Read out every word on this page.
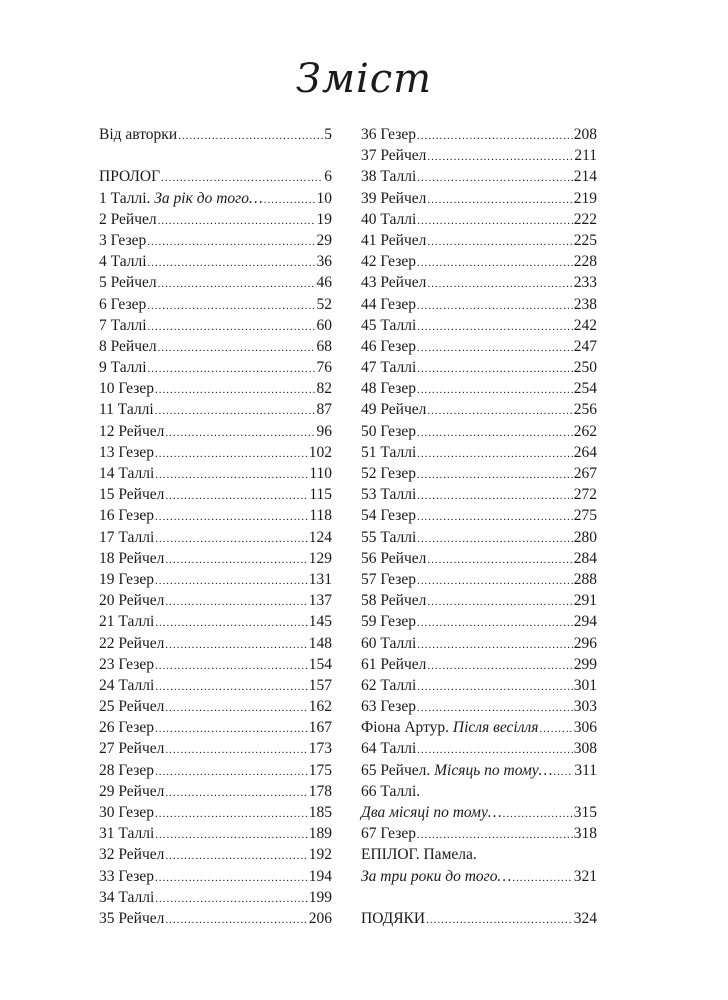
Зміст
Від авторки .....	5
ПРОЛОГ .....	6
1 Таллі. За рік до того… .....	10
2 Рейчел .....	19
3 Гезер .....	29
4 Таллі .....	36
5 Рейчел .....	46
6 Гезер .....	52
7 Таллі .....	60
8 Рейчел .....	68
9 Таллі .....	76
10 Гезер .....	82
11 Таллі .....	87
12 Рейчел .....	96
13 Гезер .....	102
14 Таллі .....	110
15 Рейчел .....	115
16 Гезер .....	118
17 Таллі .....	124
18 Рейчел .....	129
19 Гезер .....	131
20 Рейчел .....	137
21 Таллі .....	145
22 Рейчел .....	148
23 Гезер .....	154
24 Таллі .....	157
25 Рейчел .....	162
26 Гезер .....	167
27 Рейчел .....	173
28 Гезер .....	175
29 Рейчел .....	178
30 Гезер .....	185
31 Таллі .....	189
32 Рейчел .....	192
33 Гезер .....	194
34 Таллі .....	199
35 Рейчел .....	206
36 Гезер .....	208
37 Рейчел .....	211
38 Таллі .....	214
39 Рейчел .....	219
40 Таллі .....	222
41 Рейчел .....	225
42 Гезер .....	228
43 Рейчел .....	233
44 Гезер .....	238
45 Таллі .....	242
46 Гезер .....	247
47 Таллі .....	250
48 Гезер .....	254
49 Рейчел .....	256
50 Гезер .....	262
51 Таллі .....	264
52 Гезер .....	267
53 Таллі .....	272
54 Гезер .....	275
55 Таллі .....	280
56 Рейчел .....	284
57 Гезер .....	288
58 Рейчел .....	291
59 Гезер .....	294
60 Таллі .....	296
61 Рейчел .....	299
62 Таллі .....	301
63 Гезер .....	303
Фіона Артур. Після весілля ..... 306
64 Таллі .....	308
65 Рейчел. Місяць по тому… ..... 311
66 Таллі.
Два місяці по тому… .....	315
67 Гезер .....	318
ЕПІЛОГ. Памела.
За три роки до того… .....	321
ПОДЯКИ .....	324
